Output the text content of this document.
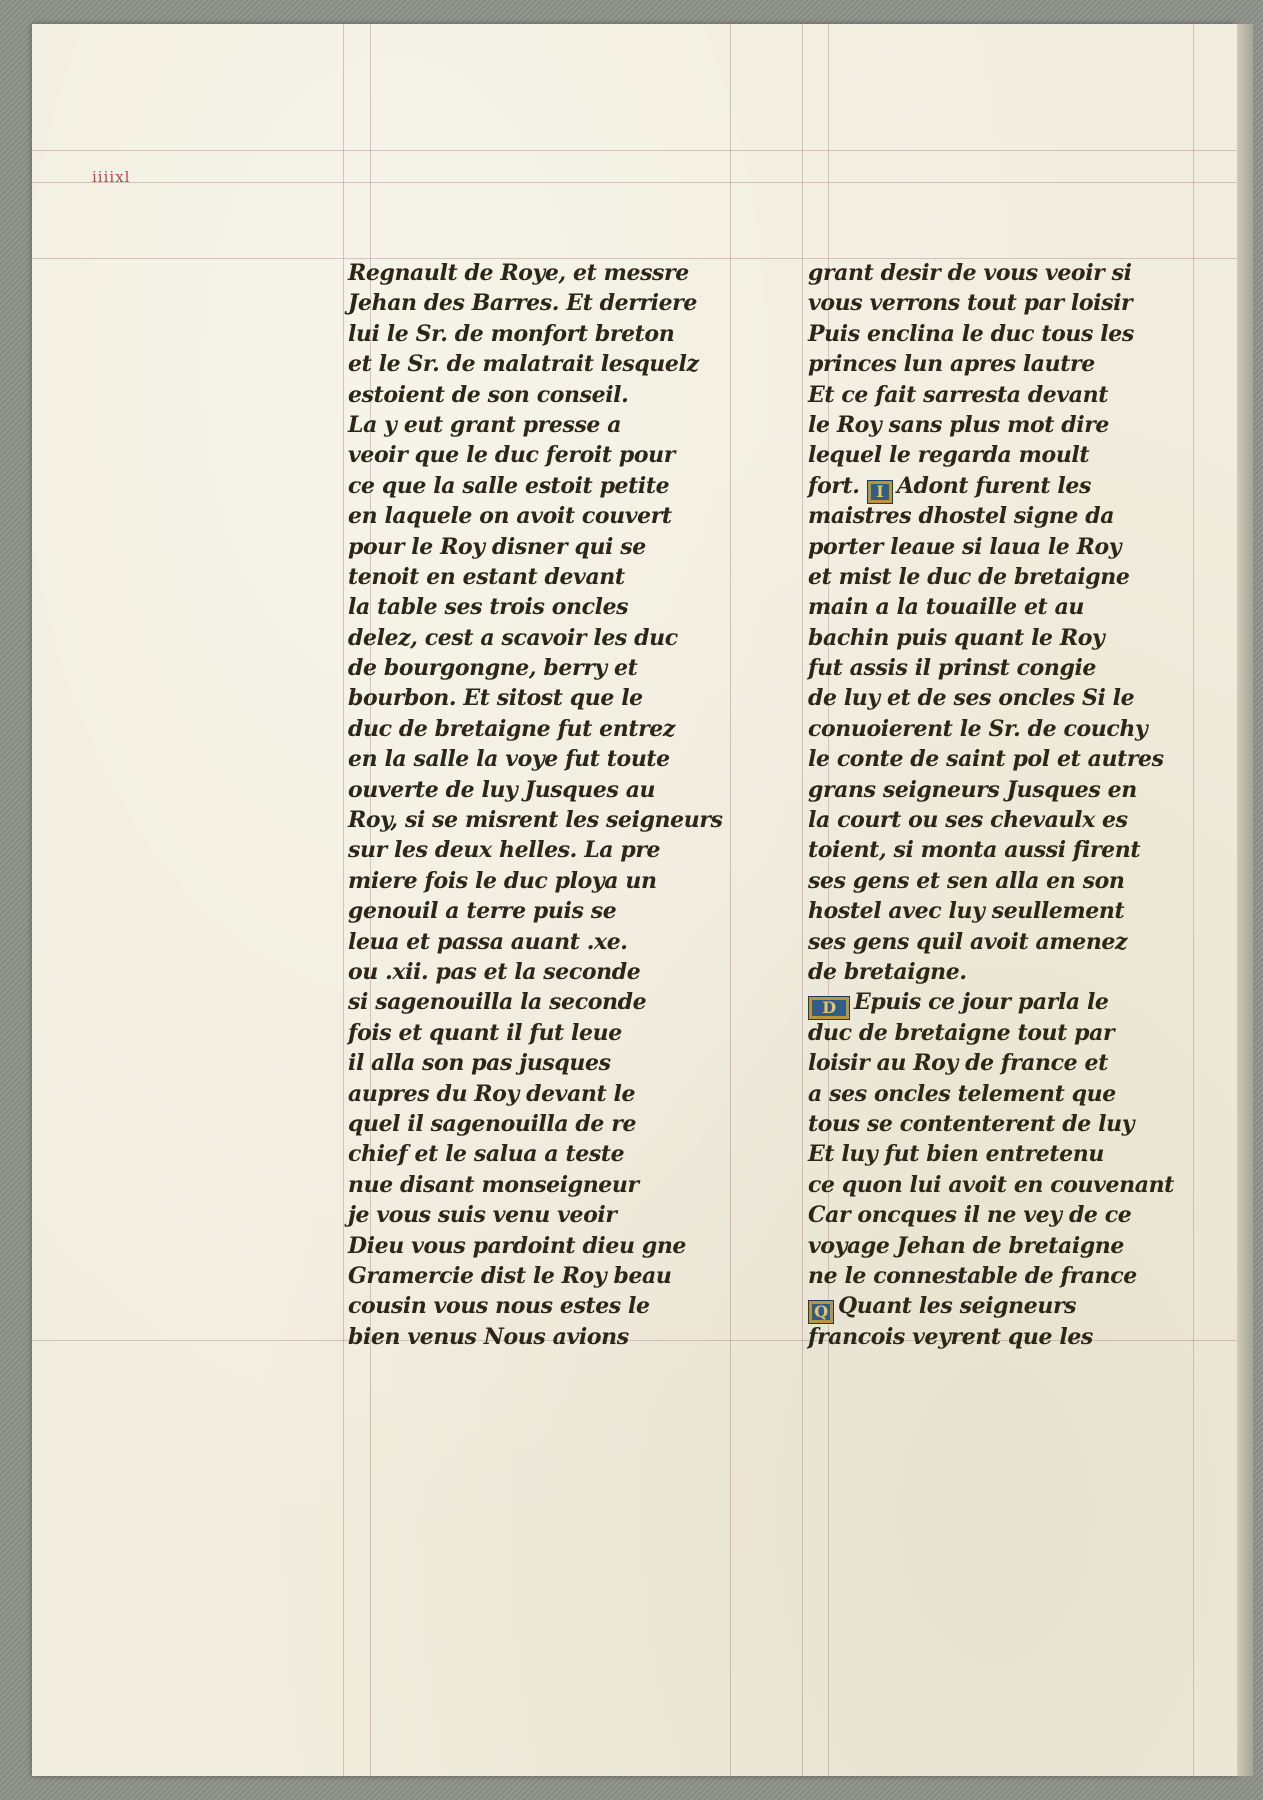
iiiixl
Regnault de Roye, et messre
Jehan des Barres. Et derriere
lui le Sr. de monfort breton
et le Sr. de malatrait lesquelz
estoient de son conseil.
La y eut grant presse a
veoir que le duc feroit pour
ce que la salle estoit petite
en laquele on avoit couvert
pour le Roy disner qui se
tenoit en estant devant
la table ses trois oncles
delez, cest a scavoir les duc
de bourgongne, berry et
bourbon. Et sitost que le
duc de bretaigne fut entrez
en la salle la voye fut toute
ouverte de luy Jusques au
Roy, si se misrent les seigneurs
sur les deux helles. La pre
miere fois le duc ploya un
genouil a terre puis se
leua et passa auant .xe.
ou .xii. pas et la seconde
si sagenouilla la seconde
fois et quant il fut leue
il alla son pas jusques
aupres du Roy devant le
quel il sagenouilla de re
chief et le salua a teste
nue disant monseigneur
je vous suis venu veoir
Dieu vous pardoint dieu gne
Gramercie dist le Roy beau
cousin vous nous estes le
bien venus Nous avions
grant desir de vous veoir si
vous verrons tout par loisir
Puis enclina le duc tous les
princes lun apres lautre
Et ce fait sarresta devant
le Roy sans plus mot dire
lequel le regarda moult
fort. I Adont furent les
maistres dhostel signe da
porter leaue si laua le Roy
et mist le duc de bretaigne
main a la touaille et au
bachin puis quant le Roy
fut assis il prinst congie
de luy et de ses oncles Si le
conuoierent le Sr. de couchy
le conte de saint pol et autres
grans seigneurs Jusques en
la court ou ses chevaulx es
toient, si monta aussi firent
ses gens et sen alla en son
hostel avec luy seullement
ses gens quil avoit amenez
de bretaigne.
D Epuis ce jour parla le
duc de bretaigne tout par
loisir au Roy de france et
a ses oncles telement que
tous se contenterent de luy
Et luy fut bien entretenu
ce quon lui avoit en couvenant
Car oncques il ne vey de ce
voyage Jehan de bretaigne
ne le connestable de france
Q Quant les seigneurs
francois veyrent que les
